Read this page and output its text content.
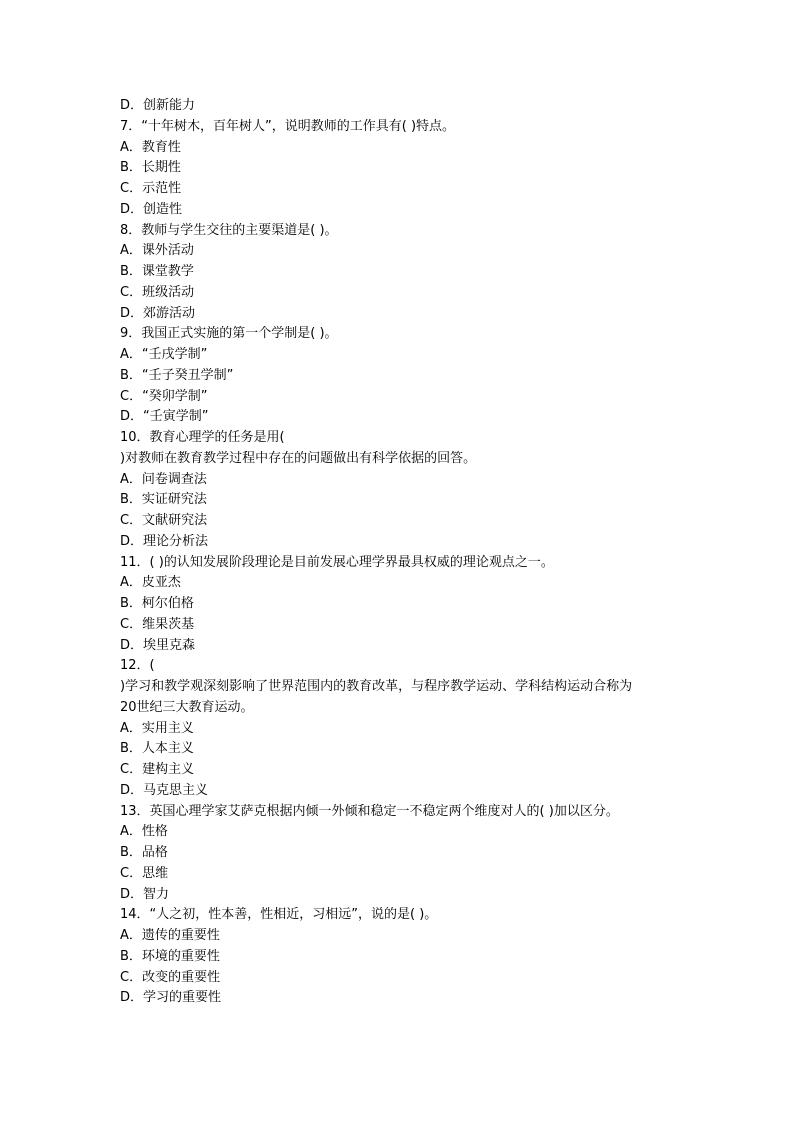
D．创新能力
7．“十年树木，百年树人”，说明教师的工作具有( )特点。
A．教育性
B．长期性
C．示范性
D．创造性
8．教师与学生交往的主要渠道是( )。
A．课外活动
B．课堂教学
C．班级活动
D．郊游活动
9．我国正式实施的第一个学制是( )。
A．“壬戌学制”
B．“壬子癸丑学制”
C．“癸卯学制”
D．“壬寅学制”
10．教育心理学的任务是用(
)对教师在教育教学过程中存在的问题做出有科学依据的回答。
A．问卷调查法
B．实证研究法
C．文献研究法
D．理论分析法
11．( )的认知发展阶段理论是目前发展心理学界最具权威的理论观点之一。
A．皮亚杰
B．柯尔伯格
C．维果茨基
D．埃里克森
12．(
)学习和教学观深刻影响了世界范围内的教育改革，与程序教学运动、学科结构运动合称为
20世纪三大教育运动。
A．实用主义
B．人本主义
C．建构主义
D．马克思主义
13．英国心理学家艾萨克根据内倾一外倾和稳定一不稳定两个维度对人的( )加以区分。
A．性格
B．品格
C．思维
D．智力
14．“人之初，性本善，性相近，习相远”，说的是( )。
A．遗传的重要性
B．环境的重要性
C．改变的重要性
D．学习的重要性
